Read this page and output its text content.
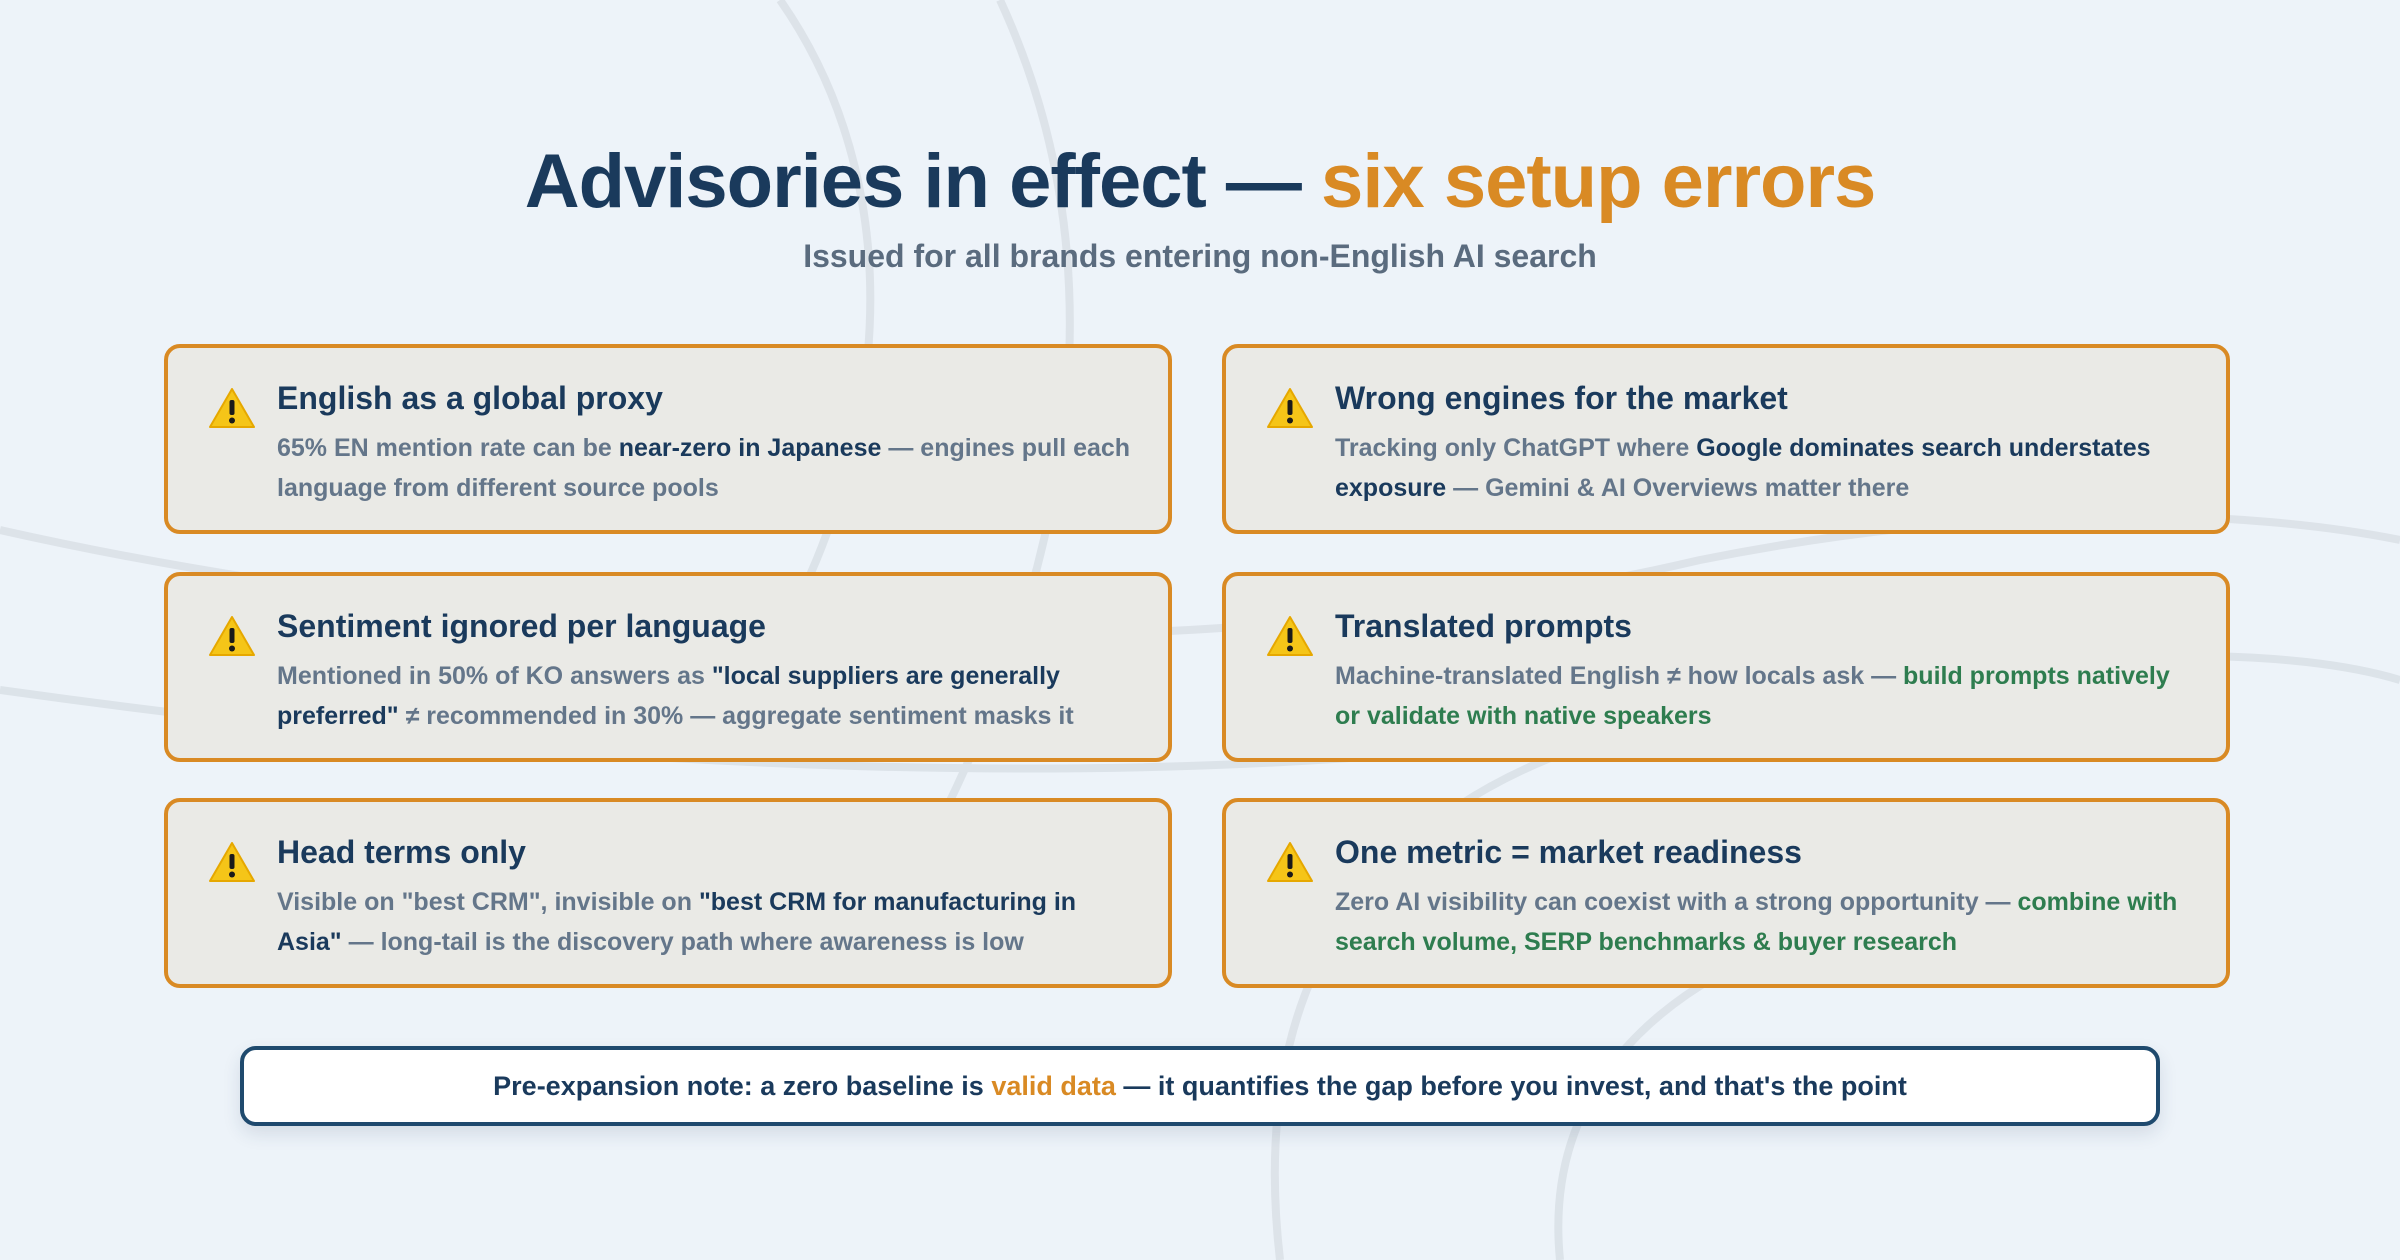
Advisories in effect — six setup errors

Issued for all brands entering non-English AI search

English as a global proxy
65% EN mention rate can be near-zero in Japanese — engines pull each language from different source pools
Wrong engines for the market
Tracking only ChatGPT where Google dominates search understates exposure — Gemini & AI Overviews matter there
Sentiment ignored per language
Mentioned in 50% of KO answers as "local suppliers are generally preferred" ≠ recommended in 30% — aggregate sentiment masks it
Translated prompts
Machine-translated English ≠ how locals ask — build prompts natively or validate with native speakers
Head terms only
Visible on "best CRM", invisible on "best CRM for manufacturing in Asia" — long-tail is the discovery path where awareness is low
One metric = market readiness
Zero AI visibility can coexist with a strong opportunity — combine with search volume, SERP benchmarks & buyer research
Pre-expansion note: a zero baseline is valid data — it quantifies the gap before you invest, and that's the point
